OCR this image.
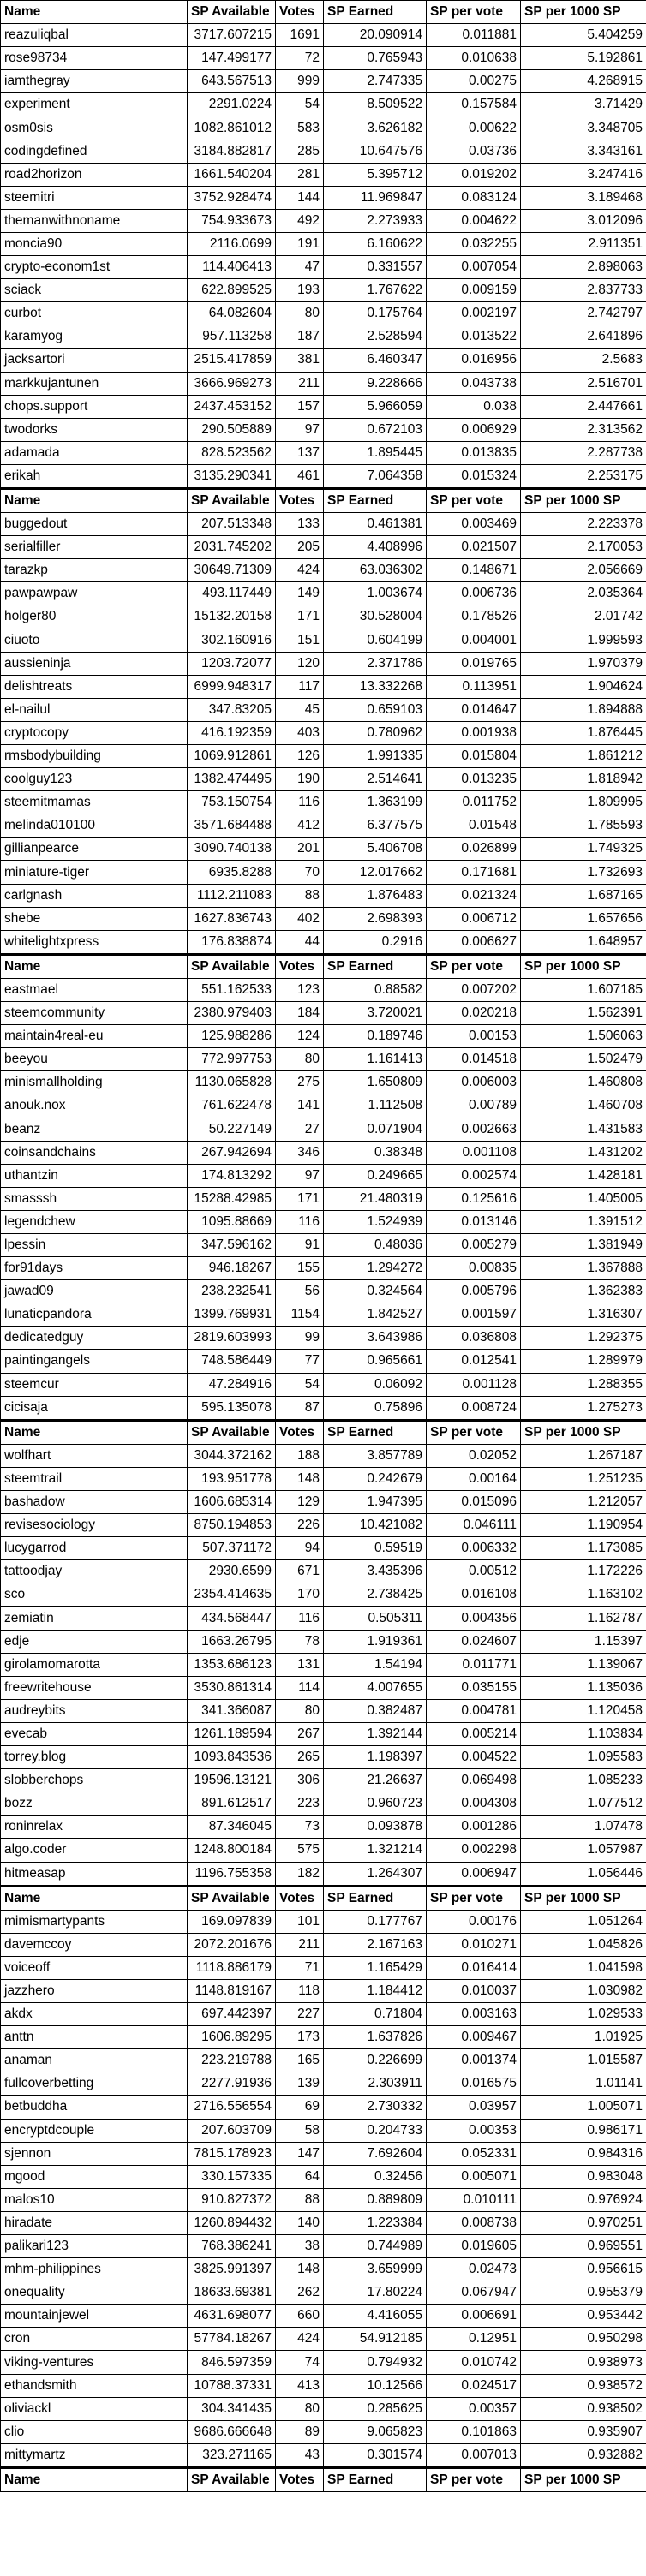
Name	SP Available	Votes	SP Earned	SP per vote	SP per 1000 SP
reazuliqbal	3717.607215	1691	20.090914	0.011881	5.404259
rose98734	147.499177	72	0.765943	0.010638	5.192861
iamthegray	643.567513	999	2.747335	0.00275	4.268915
experiment	2291.0224	54	8.509522	0.157584	3.71429
osm0sis	1082.861012	583	3.626182	0.00622	3.348705
codingdefined	3184.882817	285	10.647576	0.03736	3.343161
road2horizon	1661.540204	281	5.395712	0.019202	3.247416
steemitri	3752.928474	144	11.969847	0.083124	3.189468
themanwithnoname	754.933673	492	2.273933	0.004622	3.012096
moncia90	2116.0699	191	6.160622	0.032255	2.911351
crypto-econom1st	114.406413	47	0.331557	0.007054	2.898063
sciack	622.899525	193	1.767622	0.009159	2.837733
curbot	64.082604	80	0.175764	0.002197	2.742797
karamyog	957.113258	187	2.528594	0.013522	2.641896
jacksartori	2515.417859	381	6.460347	0.016956	2.5683
markkujantunen	3666.969273	211	9.228666	0.043738	2.516701
chops.support	2437.453152	157	5.966059	0.038	2.447661
twodorks	290.505889	97	0.672103	0.006929	2.313562
adamada	828.523562	137	1.895445	0.013835	2.287738
erikah	3135.290341	461	7.064358	0.015324	2.253175
Name	SP Available	Votes	SP Earned	SP per vote	SP per 1000 SP
buggedout	207.513348	133	0.461381	0.003469	2.223378
serialfiller	2031.745202	205	4.408996	0.021507	2.170053
tarazkp	30649.71309	424	63.036302	0.148671	2.056669
pawpawpaw	493.117449	149	1.003674	0.006736	2.035364
holger80	15132.20158	171	30.528004	0.178526	2.01742
ciuoto	302.160916	151	0.604199	0.004001	1.999593
aussieninja	1203.72077	120	2.371786	0.019765	1.970379
delishtreats	6999.948317	117	13.332268	0.113951	1.904624
el-nailul	347.83205	45	0.659103	0.014647	1.894888
cryptocopy	416.192359	403	0.780962	0.001938	1.876445
rmsbodybuilding	1069.912861	126	1.991335	0.015804	1.861212
coolguy123	1382.474495	190	2.514641	0.013235	1.818942
steemitmamas	753.150754	116	1.363199	0.011752	1.809995
melinda010100	3571.684488	412	6.377575	0.01548	1.785593
gillianpearce	3090.740138	201	5.406708	0.026899	1.749325
miniature-tiger	6935.8288	70	12.017662	0.171681	1.732693
carlgnash	1112.211083	88	1.876483	0.021324	1.687165
shebe	1627.836743	402	2.698393	0.006712	1.657656
whitelightxpress	176.838874	44	0.2916	0.006627	1.648957
Name	SP Available	Votes	SP Earned	SP per vote	SP per 1000 SP
eastmael	551.162533	123	0.88582	0.007202	1.607185
steemcommunity	2380.979403	184	3.720021	0.020218	1.562391
maintain4real-eu	125.988286	124	0.189746	0.00153	1.506063
beeyou	772.997753	80	1.161413	0.014518	1.502479
minismallholding	1130.065828	275	1.650809	0.006003	1.460808
anouk.nox	761.622478	141	1.112508	0.00789	1.460708
beanz	50.227149	27	0.071904	0.002663	1.431583
coinsandchains	267.942694	346	0.38348	0.001108	1.431202
uthantzin	174.813292	97	0.249665	0.002574	1.428181
smasssh	15288.42985	171	21.480319	0.125616	1.405005
legendchew	1095.88669	116	1.524939	0.013146	1.391512
lpessin	347.596162	91	0.48036	0.005279	1.381949
for91days	946.18267	155	1.294272	0.00835	1.367888
jawad09	238.232541	56	0.324564	0.005796	1.362383
lunaticpandora	1399.769931	1154	1.842527	0.001597	1.316307
dedicatedguy	2819.603993	99	3.643986	0.036808	1.292375
paintingangels	748.586449	77	0.965661	0.012541	1.289979
steemcur	47.284916	54	0.06092	0.001128	1.288355
cicisaja	595.135078	87	0.75896	0.008724	1.275273
Name	SP Available	Votes	SP Earned	SP per vote	SP per 1000 SP
wolfhart	3044.372162	188	3.857789	0.02052	1.267187
steemtrail	193.951778	148	0.242679	0.00164	1.251235
bashadow	1606.685314	129	1.947395	0.015096	1.212057
revisesociology	8750.194853	226	10.421082	0.046111	1.190954
lucygarrod	507.371172	94	0.59519	0.006332	1.173085
tattoodjay	2930.6599	671	3.435396	0.00512	1.172226
sco	2354.414635	170	2.738425	0.016108	1.163102
zemiatin	434.568447	116	0.505311	0.004356	1.162787
edje	1663.26795	78	1.919361	0.024607	1.15397
girolamomarotta	1353.686123	131	1.54194	0.011771	1.139067
freewritehouse	3530.861314	114	4.007655	0.035155	1.135036
audreybits	341.366087	80	0.382487	0.004781	1.120458
evecab	1261.189594	267	1.392144	0.005214	1.103834
torrey.blog	1093.843536	265	1.198397	0.004522	1.095583
slobberchops	19596.13121	306	21.26637	0.069498	1.085233
bozz	891.612517	223	0.960723	0.004308	1.077512
roninrelax	87.346045	73	0.093878	0.001286	1.07478
algo.coder	1248.800184	575	1.321214	0.002298	1.057987
hitmeasap	1196.755358	182	1.264307	0.006947	1.056446
Name	SP Available	Votes	SP Earned	SP per vote	SP per 1000 SP
mimismartypants	169.097839	101	0.177767	0.00176	1.051264
davemccoy	2072.201676	211	2.167163	0.010271	1.045826
voiceoff	1118.886179	71	1.165429	0.016414	1.041598
jazzhero	1148.819167	118	1.184412	0.010037	1.030982
akdx	697.442397	227	0.71804	0.003163	1.029533
anttn	1606.89295	173	1.637826	0.009467	1.01925
anaman	223.219788	165	0.226699	0.001374	1.015587
fullcoverbetting	2277.91936	139	2.303911	0.016575	1.01141
betbuddha	2716.556554	69	2.730332	0.03957	1.005071
encryptdcouple	207.603709	58	0.204733	0.00353	0.986171
sjennon	7815.178923	147	7.692604	0.052331	0.984316
mgood	330.157335	64	0.32456	0.005071	0.983048
malos10	910.827372	88	0.889809	0.010111	0.976924
hiradate	1260.894432	140	1.223384	0.008738	0.970251
palikari123	768.386241	38	0.744989	0.019605	0.969551
mhm-philippines	3825.991397	148	3.659999	0.02473	0.956615
onequality	18633.69381	262	17.80224	0.067947	0.955379
mountainjewel	4631.698077	660	4.416055	0.006691	0.953442
cron	57784.18267	424	54.912185	0.12951	0.950298
viking-ventures	846.597359	74	0.794932	0.010742	0.938973
ethandsmith	10788.37331	413	10.12566	0.024517	0.938572
oliviackl	304.341435	80	0.285625	0.00357	0.938502
clio	9686.666648	89	9.065823	0.101863	0.935907
mittymartz	323.271165	43	0.301574	0.007013	0.932882
Name	SP Available	Votes	SP Earned	SP per vote	SP per 1000 SP
